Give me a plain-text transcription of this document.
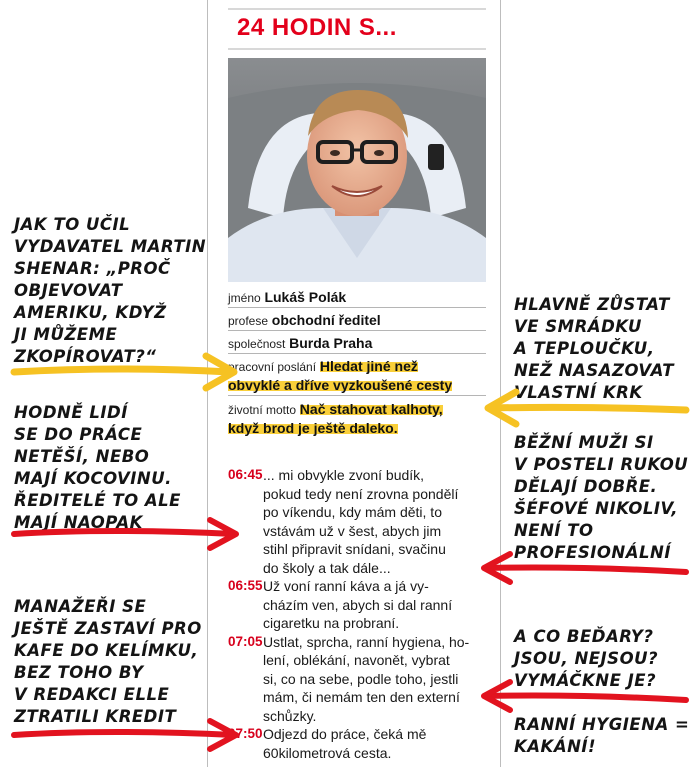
24 HODIN S...
jméno Lukáš Polák
profese obchodní ředitel
společnost Burda Praha
pracovní poslání Hledat jiné než
obvyklé a dříve vyzkoušené cesty
životní motto Nač stahovat kalhoty,
když brod je ještě daleko.
06:45 ... mi obvykle zvoní budík,
pokud tedy není zrovna pondělí
po víkendu, kdy mám děti, to
vstávám už v šest, abych jim
stihl připravit snídani, svačinu
do školy a tak dále...
06:55 Už voní ranní káva a já vy-
cházím ven, abych si dal ranní
cigaretku na probraní.
07:05 Ustlat, sprcha, ranní hygiena, ho-
lení, oblékání, navonět, vybrat
si, co na sebe, podle toho, jestli
mám, či nemám ten den externí
schůzky.
07:50 Odjezd do práce, čeká mě
60kilometrová cesta.
JAK TO UČIL
VYDAVATEL MARTIN
SHENAR: „PROČ
OBJEVOVAT
AMERIKU, KDYŽ
JI MŮŽEME
ZKOPÍROVAT?“
HODNĚ LIDÍ
SE DO PRÁCE
NETĚŠÍ, NEBO
MAJÍ KOCOVINU.
ŘEDITELÉ TO ALE
MAJÍ NAOPAK
MANAŽEŘI SE
JEŠTĚ ZASTAVÍ PRO
KAFE DO KELÍMKU,
BEZ TOHO BY
V REDAKCI ELLE
ZTRATILI KREDIT
HLAVNĚ ZŮSTAT
VE SMRÁDKU
A TEPLOUČKU,
NEŽ NASAZOVAT
VLASTNÍ KRK
BĚŽNÍ MUŽI SI
V POSTELI RUKOU
DĚLAJÍ DOBŘE.
ŠÉFOVÉ NIKOLIV,
NENÍ TO
PROFESIONÁLNÍ
A CO BEĎARY?
JSOU, NEJSOU?
VYMÁČKNE JE?
RANNÍ HYGIENA =
KAKÁNÍ!
